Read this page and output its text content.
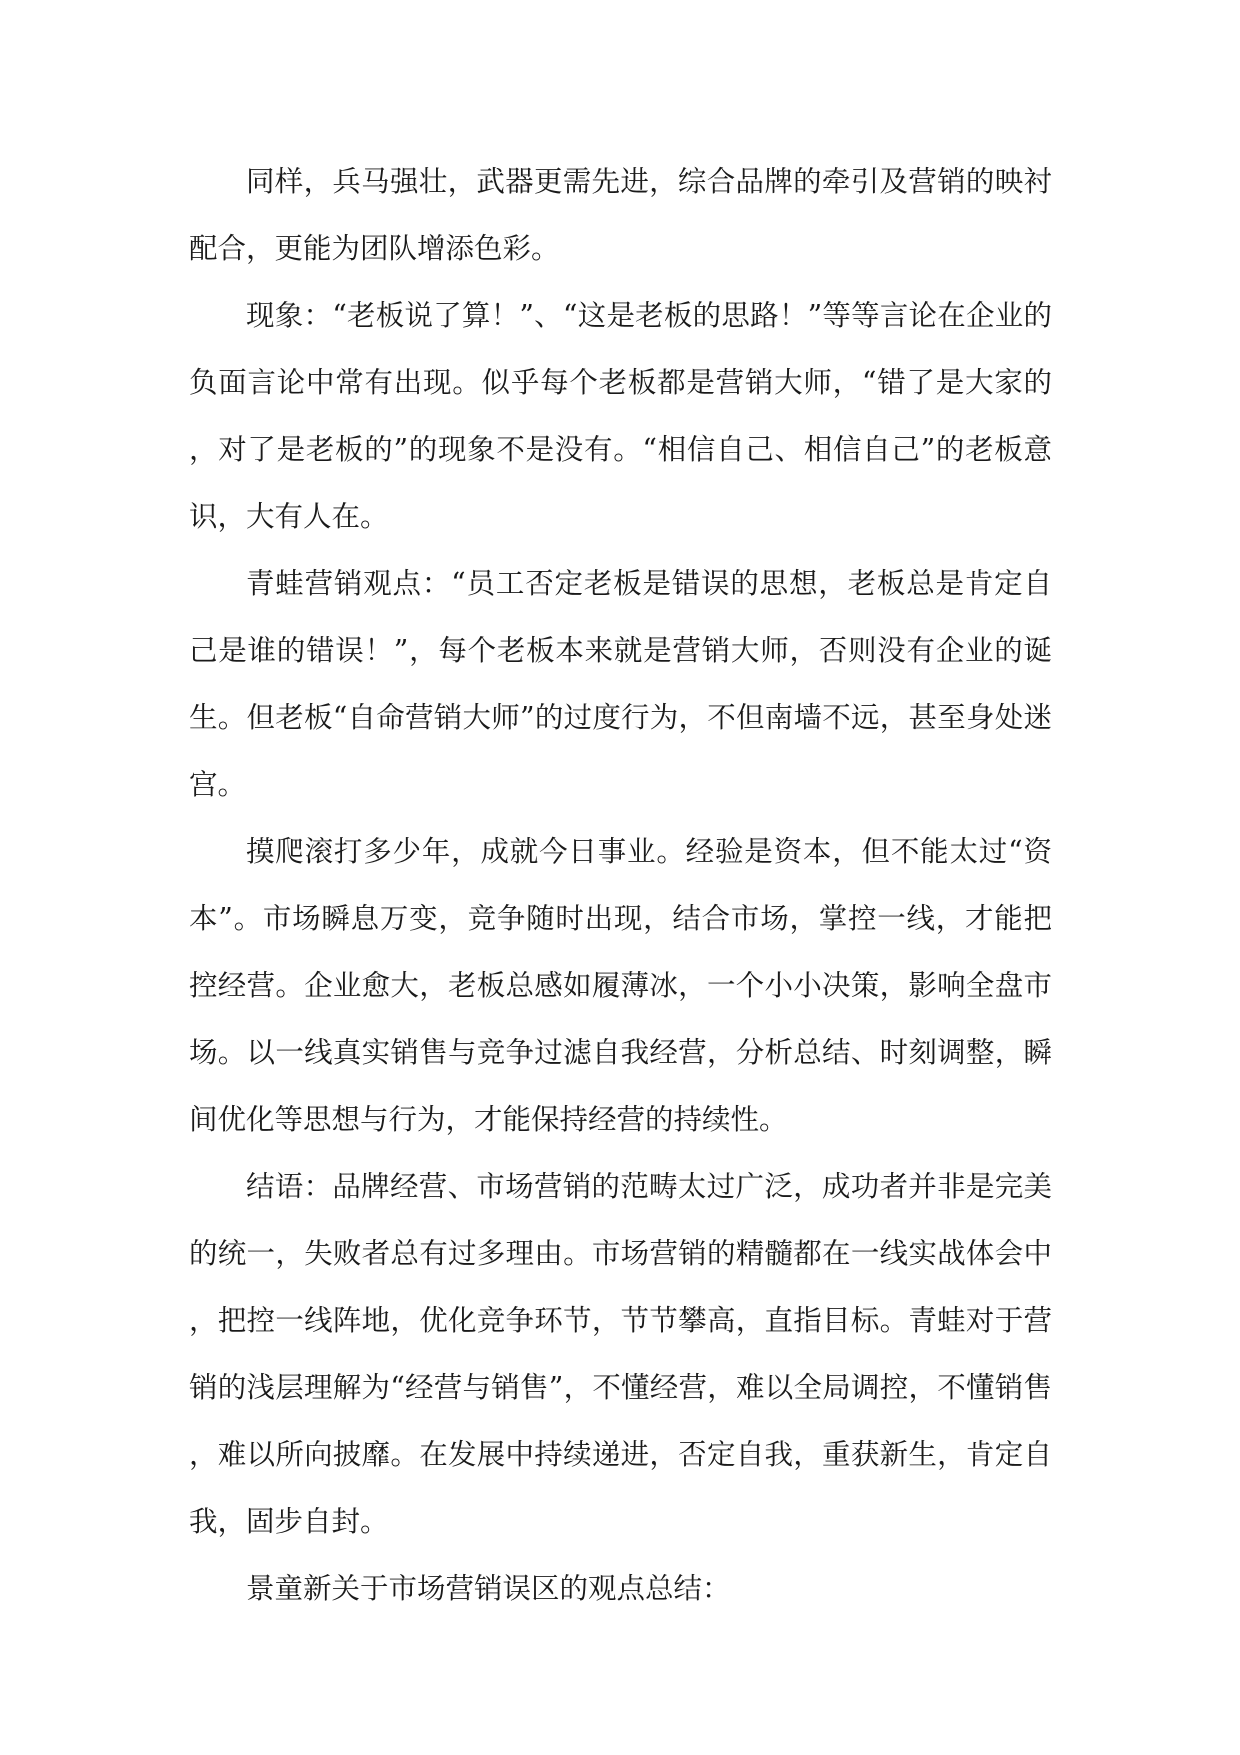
同样，兵马强壮，武器更需先进，综合品牌的牵引及营销的映衬配合，更能为团队增添色彩。

现象：“老板说了算！”、“这是老板的思路！”等等言论在企业的负面言论中常有出现。似乎每个老板都是营销大师，“错了是大家的，对了是老板的”的现象不是没有。“相信自己、相信自己”的老板意识，大有人在。

青蛙营销观点：“员工否定老板是错误的思想，老板总是肯定自己是谁的错误！”，每个老板本来就是营销大师，否则没有企业的诞生。但老板“自命营销大师”的过度行为，不但南墙不远，甚至身处迷宫。

摸爬滚打多少年，成就今日事业。经验是资本，但不能太过“资本”。市场瞬息万变，竞争随时出现，结合市场，掌控一线，才能把控经营。企业愈大，老板总感如履薄冰，一个小小决策，影响全盘市场。以一线真实销售与竞争过滤自我经营，分析总结、时刻调整，瞬间优化等思想与行为，才能保持经营的持续性。

结语：品牌经营、市场营销的范畴太过广泛，成功者并非是完美的统一，失败者总有过多理由。市场营销的精髓都在一线实战体会中，把控一线阵地，优化竞争环节，节节攀高，直指目标。青蛙对于营销的浅层理解为“经营与销售”，不懂经营，难以全局调控，不懂销售，难以所向披靡。在发展中持续递进，否定自我，重获新生，肯定自我，固步自封。

景童新关于市场营销误区的观点总结：
